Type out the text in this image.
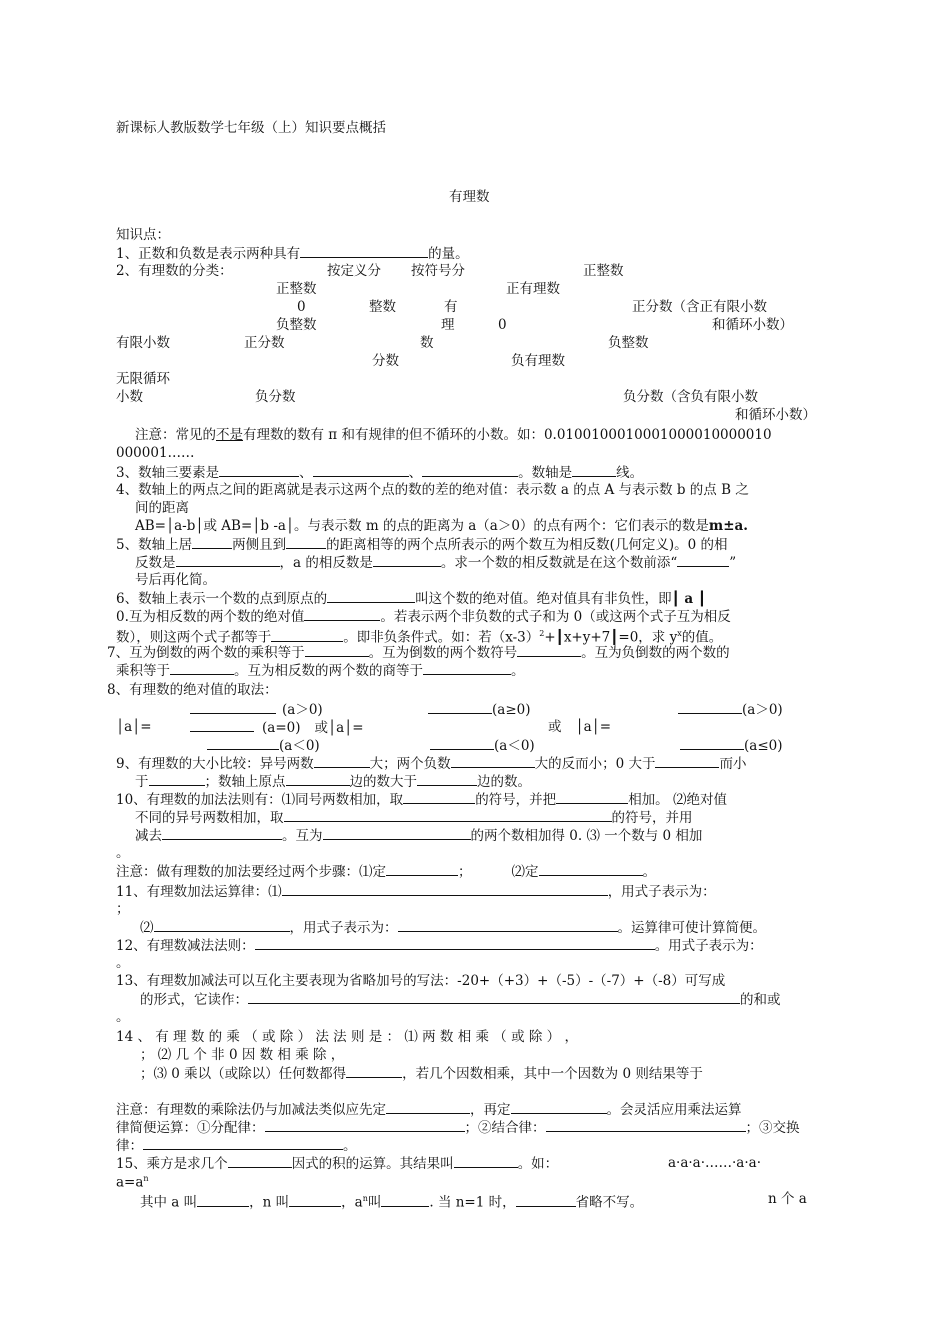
新课标人教版数学七年级（上）知识要点概括
有理数
知识点：
1、正数和负数是表示两种具有	的量。
2、有理数的分类：	按定义分 按符号分	正整数
正整数	正有理数
0	整数	有	正分数（含正有限小数
负整数	理	0	和循环小数）
有限小数	正分数	数	负整数
分数	负有理数
无限循环
小数	负分数	负分数（含负有限小数
和循环小数）
注意：常见的不是有理数的数有 π 和有规律的但不循环的小数。如：0.0100100010001000010000010
000001……
3、数轴三要素是	、	、	。数轴是	线。
4、数轴上的两点之间的距离就是表示这两个点的数的差的绝对值：表示数 a 的点 A 与表示数 b 的点 B 之
间的距离
AB=│a-b│或 AB=│b -a│。与表示数 m 的点的距离为 a（a＞0）的点有两个：它们表示的数是m±a.
5、数轴上居	两侧且到	的距离相等的两个点所表示的两个数互为相反数(几何定义)。0 的相
反数是	，a 的相反数是	。求一个数的相反数就是在这个数前添“	”
号后再化简。
6、数轴上表示一个数的点到原点的	叫这个数的绝对值。绝对值具有非负性，即┃ a ┃
0.互为相反数的两个数的绝对值	。若表示两个非负数的式子和为 0（或这两个式子互为相反
数），则这两个式子都等于	。即非负条件式。如：若$(x-3)^2+┃x+y+7┃=0$，求 $y^x$的值。
7、互为倒数的两个数的乘积等于	。互为倒数的两个数符号	。互为负倒数的两个数的
乘积等于	。互为相反数的两个数的商等于	。
8、有理数的绝对值的取法：
(a＞0)	(a≥0)	(a＞0)
│a│=	(a=0) 或│a│=	或 │a│=
(a＜0)	(a＜0)	(a≤0)
9、有理数的大小比较：异号两数	大；两个负数	大的反而小；0 大于	而小
于	；数轴上原点	边的数大于	边的数。
10、有理数的加法法则有：⑴同号两数相加，取	的符号，并把	相加。 ⑵绝对值
不同的异号两数相加，取	的符号，并用
减去	。互为	的两个数相加得 0. ⑶ 一个数与 0 相加
。
注意：做有理数的加法要经过两个步骤：⑴定	；	⑵定	。
11、有理数加法运算律：⑴	，用式子表示为：
；
⑵	，用式子表示为：	。运算律可使计算简便。
12、有理数减法法则：	。用式子表示为：
。
13、有理数加减法可以互化主要表现为省略加号的写法：-20+（+3）+（-5）-（-7）+（-8）可写成
的形式，它读作：	的和或
。
14 、 有 理 数 的 乘 （ 或 除 ） 法 法 则 是 ： ⑴ 两 数 相 乘 （ 或 除 ） ，
； ⑵ 几 个 非 0 因 数 相 乘 除 ，
；⑶ 0 乘以（或除以）任何数都得	，若几个因数相乘，其中一个因数为 0 则结果等于
注意：有理数的乘除法仍与加减法类似应先定	，再定	。会灵活应用乘法运算
律简便运算：①分配律：	；②结合律：	；③交换
律：	。
15、乘方是求几个	因式的积的运算。其结果叫	。如：	a·a·a·……·a·a·
$a=a^n$
其中 a 叫	，n 叫	，$a^n$叫	. 当 n=1 时，	省略不写。	n 个 a
